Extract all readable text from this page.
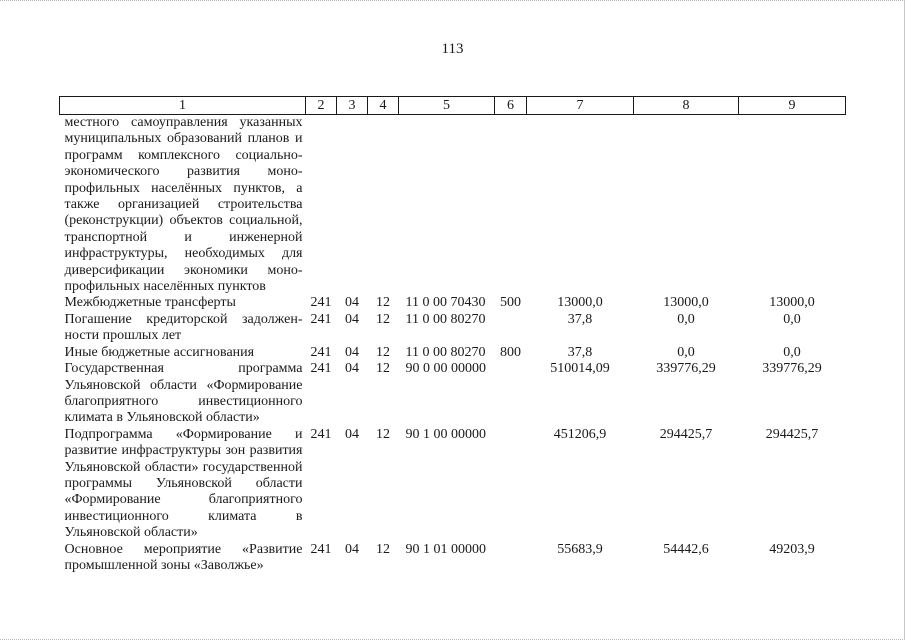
113
1	2	3	4	5	6	7	8	9
местного самоуправления указанных муниципальных образований планов и программ комплексного социально-экономического развития монопрофильных населённых пунктов, а также организацией строительства (реконструкции) объектов социальной, транспортной и инженерной инфраструктуры, необходимых для диверсификации экономики монопрофильных населённых пунктов								
Межбюджетные трансферты	241	04	12	11 0 00 70430	500	13000,0	13000,0	13000,0
Погашение кредиторской задолженности прошлых лет	241	04	12	11 0 00 80270		37,8	0,0	0,0
Иные бюджетные ассигнования	241	04	12	11 0 00 80270	800	37,8	0,0	0,0
Государственная программа Ульяновской области «Формирование благоприятного инвестиционного климата в Ульяновской области»	241	04	12	90 0 00 00000		510014,09	339776,29	339776,29
Подпрограмма «Формирование и развитие инфраструктуры зон развития Ульяновской области» государственной программы Ульяновской области «Формирование благоприятного инвестиционного климата в Ульяновской области»	241	04	12	90 1 00 00000		451206,9	294425,7	294425,7
Основное мероприятие «Развитие промышленной зоны «Заволжье»	241	04	12	90 1 01 00000		55683,9	54442,6	49203,9
